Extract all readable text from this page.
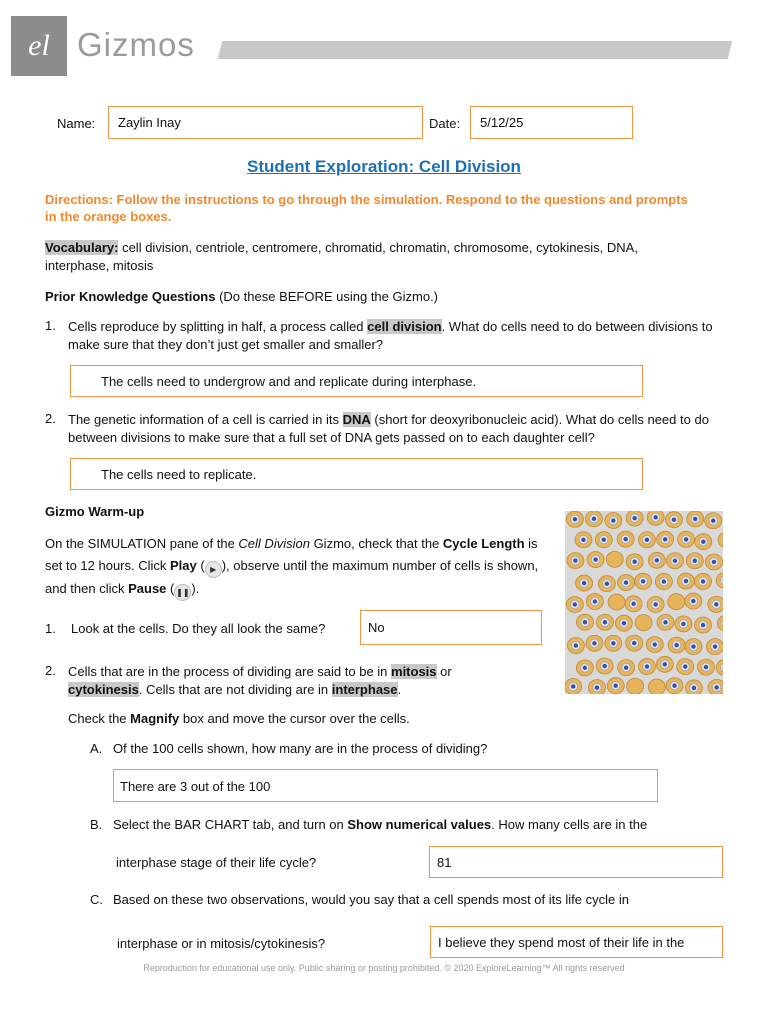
el Gizmos
Name:	Zaylin Inay	Date:	5/12/25
Student Exploration: Cell Division
Directions: Follow the instructions to go through the simulation. Respond to the questions and prompts in the orange boxes.
Vocabulary: cell division, centriole, centromere, chromatid, chromatin, chromosome, cytokinesis, DNA, interphase, mitosis
Prior Knowledge Questions (Do these BEFORE using the Gizmo.)
1. Cells reproduce by splitting in half, a process called cell division. What do cells need to do between divisions to make sure that they don’t just get smaller and smaller?
The cells need to undergrow and and replicate during interphase.
2. The genetic information of a cell is carried in its DNA (short for deoxyribonucleic acid). What do cells need to do between divisions to make sure that a full set of DNA gets passed on to each daughter cell?
The cells need to replicate.
Gizmo Warm-up
On the SIMULATION pane of the Cell Division Gizmo, check that the Cycle Length is set to 12 hours. Click Play ( ▶ ), observe until the maximum number of cells is shown, and then click Pause ( ❚❚ ).
1. Look at the cells. Do they all look the same?	No
2. Cells that are in the process of dividing are said to be in mitosis or
cytokinesis. Cells that are not dividing are in interphase.
Check the Magnify box and move the cursor over the cells.
A. Of the 100 cells shown, how many are in the process of dividing?
There are 3 out of the 100
B. Select the BAR CHART tab, and turn on Show numerical values. How many cells are in the
interphase stage of their life cycle?	81
C. Based on these two observations, would you say that a cell spends most of its life cycle in
interphase or in mitosis/cytokinesis?	I believe they spend most of their life in the
Reproduction for educational use only. Public sharing or posting prohibited. © 2020 ExploreLearning™ All rights reserved
